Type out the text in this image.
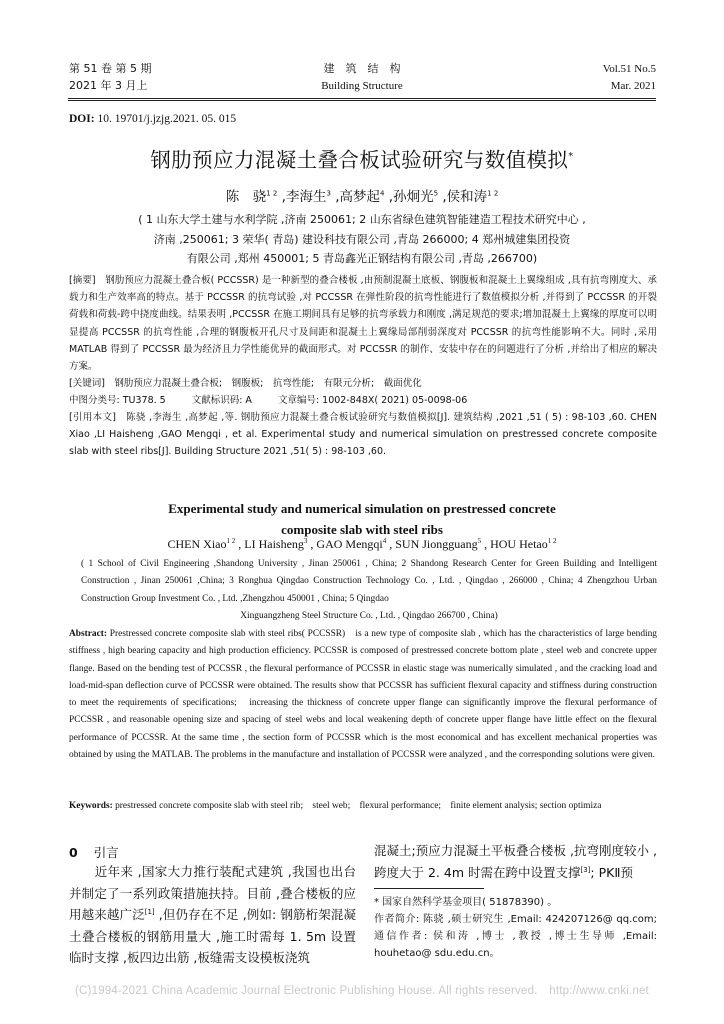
第 51 卷 第 5 期
2021 年 3 月上
建　筑　结　构
Building Structure
Vol.51 No.5
Mar. 2021
DOI: 10. 19701/j.jzjg.2021. 05. 015
钢肋预应力混凝土叠合板试验研究与数值模拟*
陈　骁$^{1 2}$ ,李海生$^3$ ,高梦起$^4$ ,孙炯光$^5$ ,侯和涛$^{1 2}$
( 1 山东大学土建与水利学院 ,济南 250061; 2 山东省绿色建筑智能建造工程技术研究中心 ,
济南 ,250061; 3 荣华( 青岛) 建设科技有限公司 ,青岛 266000; 4 郑州城建集团投资
有限公司 ,郑州 450001; 5 青岛鑫光正钢结构有限公司 ,青岛 ,266700)
[摘要]　钢肋预应力混凝土叠合板( PCCSSR) 是一种新型的叠合楼板 ,由预制混凝土底板、钢腹板和混凝土上翼缘组成 ,具有抗弯刚度大、承载力和生产效率高的特点。基于 PCCSSR 的抗弯试验 ,对 PCCSSR 在弹性阶段的抗弯性能进行了数值模拟分析 ,并得到了 PCCSSR 的开裂荷载和荷载-跨中挠度曲线。结果表明 ,PCCSSR 在施工期间具有足够的抗弯承载力和刚度 ,满足规范的要求;增加混凝土上翼缘的厚度可以明显提高 PCCSSR 的抗弯性能 ,合理的钢腹板开孔尺寸及间距和混凝土上翼缘局部削弱深度对 PCCSSR 的抗弯性能影响不大。同时 ,采用 MATLAB 得到了 PCCSSR 最为经济且力学性能优异的截面形式。对 PCCSSR 的制作、安装中存在的问题进行了分析 ,并给出了相应的解决方案。
[关键词]　钢肋预应力混凝土叠合板;　钢腹板;　抗弯性能;　有限元分析;　截面优化
中图分类号: TU378. 5	文献标识码: A	文章编号: 1002-848X( 2021) 05-0098-06
[引用本文]　陈骁 ,李海生 ,高梦起 ,等. 钢肋预应力混凝土叠合板试验研究与数值模拟[J]. 建筑结构 ,2021 ,51 ( 5) : 98-103 ,60. CHEN Xiao ,LI Haisheng ,GAO Mengqi , et al. Experimental study and numerical simulation on prestressed concrete composite slab with steel ribs[J]. Building Structure 2021 ,51( 5) : 98-103 ,60.
Experimental study and numerical simulation on prestressed concrete
composite slab with steel ribs
CHEN Xiao$^{1 2}$ , LI Haisheng$^3$ , GAO Mengqi$^4$ , SUN Jiongguang$^5$ , HOU Hetao$^{1 2}$
( 1 School of Civil Engineering ,Shandong University , Jinan 250061 , China; 2 Shandong Research Center for Green Building and Intelligent Construction , Jinan 250061 ,China; 3 Ronghua Qingdao Construction Technology Co. , Ltd. , Qingdao , 266000 , China; 4 Zhengzhou Urban Construction Group Investment Co. , Ltd. ,Zhengzhou 450001 , China; 5 Qingdao
Xinguangzheng Steel Structure Co. , Ltd. , Qingdao 266700 , China)
Abstract: Prestressed concrete composite slab with steel ribs( PCCSSR)　is a new type of composite slab , which has the characteristics of large bending stiffness , high bearing capacity and high production efficiency. PCCSSR is composed of prestressed concrete bottom plate , steel web and concrete upper flange. Based on the bending test of PCCSSR , the flexural performance of PCCSSR in elastic stage was numerically simulated , and the cracking load and load-mid-span deflection curve of PCCSSR were obtained. The results show that PCCSSR has sufficient flexural capacity and stiffness during construction to meet the requirements of specifications;　increasing the thickness of concrete upper flange can significantly improve the flexural performance of PCCSSR , and reasonable opening size and spacing of steel webs and local weakening depth of concrete upper flange have little effect on the flexural performance of PCCSSR. At the same time , the section form of PCCSSR which is the most economical and has excellent mechanical properties was obtained by using the MATLAB. The problems in the manufacture and installation of PCCSSR were analyzed , and the corresponding solutions were given.
Keywords: prestressed concrete composite slab with steel rib;　steel web;　flexural performance;　finite element analysis; section optimiza
0 引言
　　近年来 ,国家大力推行装配式建筑 ,我国也出台并制定了一系列政策措施扶持。目前 ,叠合楼板的应用越来越广泛[1] ,但仍存在不足 ,例如: 钢筋桁架混凝土叠合楼板的钢筋用量大 ,施工时需每 1. 5m 设置临时支撑 ,板四边出筋 ,板缝需支设模板浇筑
混凝土;预应力混凝土平板叠合楼板 ,抗弯刚度较小 ,跨度大于 2. 4m 时需在跨中设置支撑[3]; PKⅡ预
* 国家自然科学基金项目( 51878390) 。
作者简介: 陈骁 ,硕士研究生 ,Email: 424207126@ qq.com; 通信作者: 侯和涛 ,博士 ,教授 ,博士生导师 ,Email: houhetao@ sdu.edu.cn。
(C)1994-2021 China Academic Journal Electronic Publishing House. All rights reserved.　http://www.cnki.net
